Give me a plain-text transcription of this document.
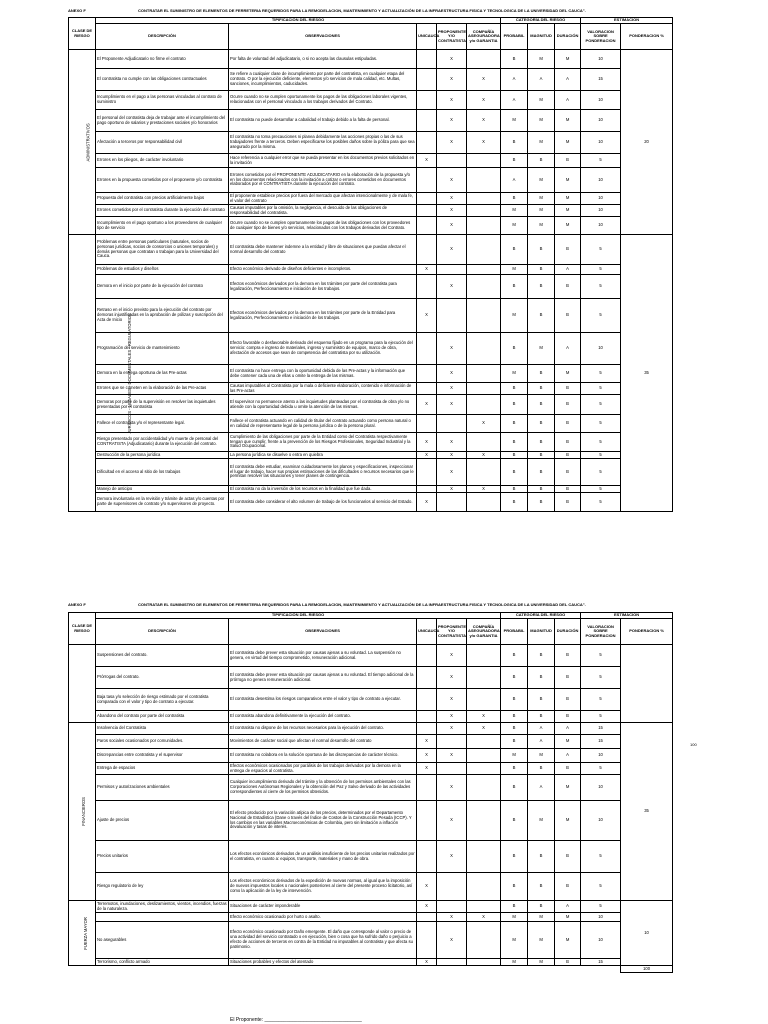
ANEXO F	CONTRATAR EL SUMINISTRO DE ELEMENTOS DE FERRETERIA REQUERIDOS PARA LA REMODELACION, MANTENIMIENTO Y ACTUALIZACIÓN DE LA INFRAESTRUCTURA FISICA Y TECNOLOGICA DE LA UNIVERSIDAD DEL CAUCA".
CLASE DE RIESGO	TIPIFICACIÓN DEL RIESGO					CATEGORÍA DEL RIESGO			ESTIMACION	
	DESCRIPCIÓN	OBSERVACIONES	UNICAUCA	PROPONENTE Y/O CONTRATISTA	COMPAÑÍA ASEGURADORA y/o GARANTIA	PROBABIL	MAGNITUD	DURACIÓN	VALORACION SOBRE PONDERACION	PONDERACION %
ADMINISTRATIVOS	El Proponente Adjudicatario no firme el contrato	Por falta de voluntad del adjudicatario, o si no acepta las clausulas estipuladas.		X		B	M	M	10	20
	El contratista no cumple con las obligaciones contractuales	Se refiere a cualquier clase de incumplimiento por parte del contratista, en cualquier etapa del contrato. O por la ejecución deficiente, elementos y/o servicios de mala calidad, etc. Multas, sanciones, incumplimientos, caducidades.		X	X	A	A	A	15	
	Incumplimiento en el pago a las personas vinculadas al contrato de suministro	Ocurre cuando no se cumplen oportunamente los pagos de las obligaciones laborales vigentes, relacionadas con el personal vinculado a los trabajos derivados del Contrato.		X	X	A	M	A	10	
	El personal del contratista deja de trabajar ante el incumplimiento del pago oportuno de salarios y prestaciones sociales y/o honorarios	El contratista no puede desarrollar a cabalidad el trabajo debido a la falta de personal.		X	X	M	M	M	10	
	Afectación a terceros por responsabilidad civil	El contratista no toma precauciones ni planea debidamente las acciones propias o las de sus trabajadores frente a terceros. Deben especificarse los posibles daños sobre la póliza para que sea asegurado por la misma.		X	X	B	M	M	10	
	Errores en los pliegos, de carácter involuntario	Hace referencia a cualquier error que se pueda presentar en los documentos previos solicitados en la invitación	X			B	B	B	5	
	Errores en la propuesta cometidos por el proponente y/o contratista	Errores cometidos por el PROPONENTE ADJUDICATARIO en la elaboración de la propuesta y/o en los documentos relacionados con la invitación a cotizar o errores cometidos en documentos elaborados por el CONTRATISTA durante la ejecución del contrato.		X		A	M	M	10	
	Propuesta del contratista con precios artificialmente bajos	El proponente establece precios por fuera del mercado que afectan intencionalmente y de mala fe, el valor del contrato		X		B	M	M	10	
	Errores cometidos por el contratista durante la ejecución del contrato	Causas imputables por la omisión, la negligencia, el descuido de las obligaciones de responsabilidad del contratista.		X		M	M	M	10	
	Incumplimiento en el pago oportuno a los proveedores de cualquier tipo de servicio	Ocurre cuando no se cumplen oportunamente los pagos de las obligaciones con los proveedores de cualquier tipo de bienes y/o servicios, relacionados con los trabajos derivados del Contrato.		X		M	M	M	10	
JURÍDICOS - LEGALES - DOCUMENTALES - REGULATORIOS	Problemas entre personas particulares (naturales, socios de personas jurídicas, socios de consorcios o uniones temporales) y demás personas que contratan o trabajan para la Universidad del Cauca.	El contratista debe mantener indemne a la entidad y libre de situaciones que puedan afectar el normal desarrollo del contrato		X		B	B	B	5	35
	Problemas de estudios y diseños	Efecto económico derivado de diseños deficientes e incompletos.	X			M	B	A	5	
	Demora en el inicio por parte de la ejecución del contrato	Efectos económicos derivados por la demora en los trámites por parte del contratista para legalización, Perfeccionamiento e iniciación de los trabajos.		X		B	B	B	5	
	Retraso en el inicio previsto para la ejecución del contrato por demoras injustificadas en la aprobación de pólizas y suscripción del Acta de Inicio	Efectos económicos derivados por la demora en los trámites por parte de la Entidad para legalización, Perfeccionamiento e iniciación de los trabajos.	X			M	B	B	5	
	Programación del servicio de mantenimiento	Efecto favorable o desfavorable derivado del esquema fijado en un programa para la ejecución del servicio: compra e ingreso de materiales, ingreso y suministro de equipos, marco de obra, afectación de accesos que sean de competencia del contratista por su utilización.		X		B	M	A	10	
	Demora en la entrega oportuna de las Pre-actas	El contratista no hace entrega con la oportunidad debida de las Pre-actas y la información que debe contener cada una de ellas u omite la entrega de las mismas.		X		M	B	M	5	
	Errores que se cometen en la elaboración de las Pre-actas	Causas imputables al Contratista por la mala o deficiente elaboración, contenido e información de las Pre-actas		X		B	B	B	5	
	Demoras por parte de la supervisión en resolver las inquietudes presentadas por el contratista	El supervisor no permanece atento a las inquietudes planteadas por el contratista de obra y/o no atiende con la oportunidad debida u omite la atención de las mismas.	X	X		B	B	B	5	
	Fallece el contratista y/o el representante legal.	Fallece el contratista actuando en calidad de titular del contrato actuando como persona natural o en calidad de representante legal de la persona jurídica o de la persona plural.			X	B	B	B	5	
	Riesgo presentado por accidentalidad y/o muerte de personal del CONTRATISTA (Adjudicatario) durante la ejecución del contrato.	Cumplimiento de las obligaciones por parte de la Entidad como del Contratista respectivamente tengan que cumplir, frente a la prevención de los Riesgos Profesionales, Seguridad Industrial y la Salud Ocupacional.	X	X		B	B	B	5	
	Destrucción de la persona jurídica	La persona jurídica se disuelve o entra en quiebra	X	X	X	B	B	B	5	
	Dificultad en el acceso al sitio de los trabajos	El contratista debe estudiar, examinar cuidadosamente los planos y especificaciones, inspeccionar el lugar de trabajo, hacer sus propias estimaciones de las dificultades o recursos necesarios que le permitan resolver las situaciones y tener planes de contingencia.		X		B	B	B	5	
	Manejo de anticipo	El contratista no da la inversión de los recursos en la finalidad que fue dada.		X	X	B	B	B	5	
	Demora involuntaria en la revisión y trámite de actas y/o cuentas por parte de supervisores de contrato y/o supervisores de proyecto.	El contratista debe considerar el alto volumen de trabajo de los funcionarios al servicio del Estado.	X			B	B	B	5	
ANEXO F	CONTRATAR EL SUMINISTRO DE ELEMENTOS DE FERRETERIA REQUERIDOS PARA LA REMODELACION, MANTENIMIENTO Y ACTUALIZACIÓN DE LA INFRAESTRUCTURA FISICA Y TECNOLOGICA DE LA UNIVERSIDAD DEL CAUCA".
CLASE DE RIESGO	TIPIFICACIÓN DEL RIESGO					CATEGORÍA DEL RIESGO			ESTIMACION	
	DESCRIPCIÓN	OBSERVACIONES	UNICAUCA	PROPONENTE Y/O CONTRATISTA	COMPAÑÍA ASEGURADORA y/o GARANTIA	PROBABIL	MAGNITUD	DURACIÓN	VALORACION SOBRE PONDERACION	PONDERACION %
	Suspensiones del contrato.	El contratista debe prever esta situación por causas ajenas a su voluntad. La suspensión no genera, en virtud del tiempo comprometido, remuneración adicional.		X		B	B	B	5	
	Prórrogas del contrato.	El contratista debe prever esta situación por causas ajenas a su voluntad. El tiempo adicional de la prórroga no genera remuneración adicional.		X		B	B	B	5	
	Baja tasa y/o selección de riesgo estimado por el contratista comparada con el valor y tipo de contrato a ejecutar.	El contratista desestima los riesgos comparativos entre el valor y tipo de contrato a ejecutar.		X		B	B	B	5	
	Abandono del contrato por parte del contratista	El contratista abandona definitivamente la ejecución del contrato.		X	X	B	B	B	5	
FINANCIEROS	Insolvencia del Contratista	El contratista no dispone de los recursos necesarios para la ejecución del contrato.		X	X	B	A	A	15	35
	Paros sociales ocasionados por comunidades.	Movimientos de carácter social que afectan el normal desarrollo del contrato	X			B	A	M	15	
	Discrepancias entre contratista y el supervisor	El contratista no colabora en la solución oportuna de las discrepancias de carácter técnico.	X	X		M	M	A	10	
	Entrega de espacios	Efectos económicos ocasionados por parálisis de los trabajos derivados por la demora en la entrega de espacios al contratista.	X			B	B	B	5	
	Permisos y autorizaciones ambientales	Cualquier incumplimiento derivado del trámite y la obtención de los permisos ambientales con las Corporaciones Autónomas Regionales y la obtención del Paz y Salvo derivado de las actividades correspondientes al cierre de los permisos obtenidos.		X		B	A	M	10	
	Ajuste de precios	El efecto producido por la variación atípica de los precios, determinados por el Departamento Nacional de Estadística (Dane o través del Índice de Costos de la Construcción Pesada (ICCP). Y los cambios en las variables Macroeconómicas de Colombia, pero sin limitación a inflación devaluación y tasas de interés.		X		B	M	M	10	
	Precios unitarios	Los efectos económicos derivados de un análisis insuficiente de los precios unitarios realizados por el contratista, en cuanto a: equipos, transporte, materiales y mano de obra.		X		B	B	B	5	
	Riesgo regulatorio de ley	Los efectos económicos derivados de la expedición de nuevas normas, al igual que la imposición de nuevos impuestos locales o nacionales posteriores al cierre del presente proceso licitatorio, así como la aplicación de la ley de intervención.	X			B	B	B	5	
FUERZA MAYOR	Terremotos, inundaciones, deslizamientos, vientos, incendios, fuerzas de la naturaleza.	Situaciones de carácter imponderable	X			B	B	A	5	10
		Efecto económico ocasionado por hurto o asalto.		X	X	M	M	M	10	
	No asegurables	Efecto económico ocasionado por Daño emergente. El daño que corresponde al valor o precio de una actividad del servicio contratado o en ejecución, bien o cosa que ha sufrido daño o perjuicio a efecto de acciones de terceros en contra de la Entidad no imputables al contratista y que afecta su patrimonio.		X		M	M	M	10	
	Terrorismo, conflicto armado	Situaciones probables y efectos del atentado	X			M	M	B	15	
										100
100
El Proponente: ___________________________________
